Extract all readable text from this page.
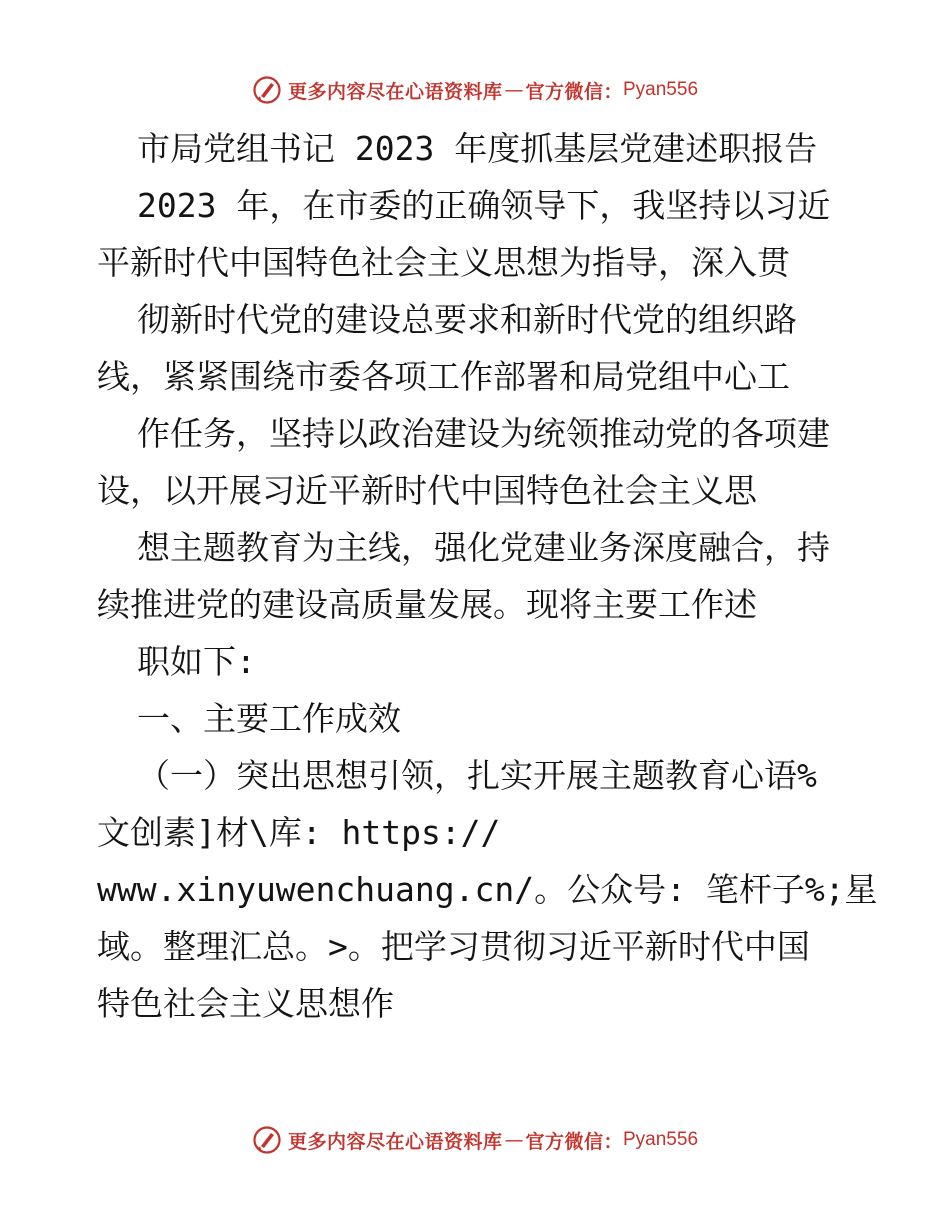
更多内容尽在心语资料库 — 官方微信： Pyan556
市局党组书记 2023 年度抓基层党建述职报告
2023 年，在市委的正确领导下，我坚持以习近
平新时代中国特色社会主义思想为指导，深入贯
彻新时代党的建设总要求和新时代党的组织路
线，紧紧围绕市委各项工作部署和局党组中心工
作任务，坚持以政治建设为统领推动党的各项建
设，以开展习近平新时代中国特色社会主义思
想主题教育为主线，强化党建业务深度融合，持
续推进党的建设高质量发展。现将主要工作述
职如下:
一、主要工作成效
（一）突出思想引领，扎实开展主题教育心语%
文创素]材\库: https://
www.xinyuwenchuang.cn/。公众号: 笔杆子%;星
域。整理汇总。>。把学习贯彻习近平新时代中国
特色社会主义思想作
更多内容尽在心语资料库 — 官方微信： Pyan556
